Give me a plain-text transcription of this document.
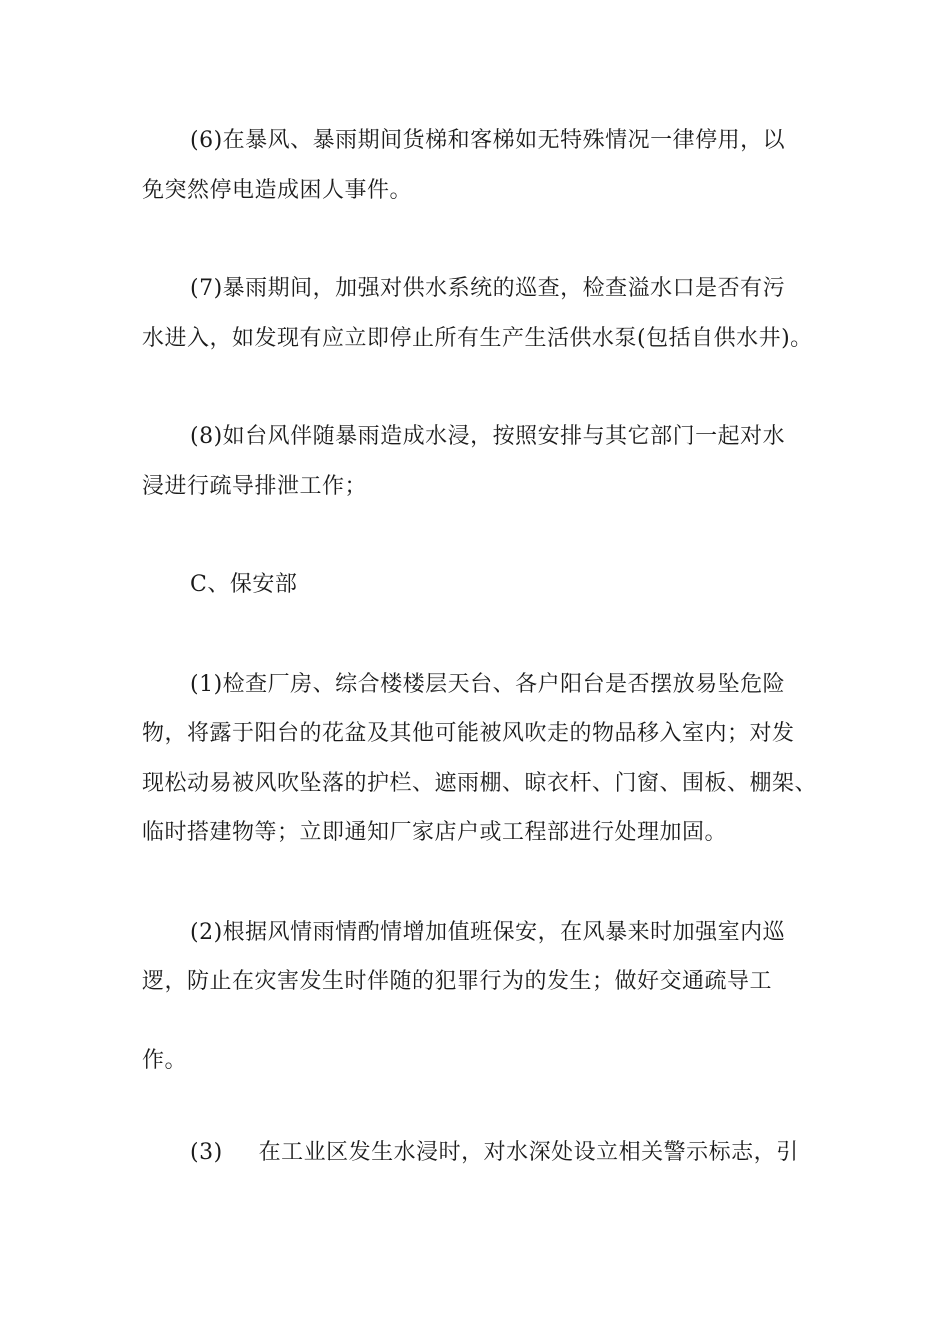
(6)在暴风、暴雨期间货梯和客梯如无特殊情况一律停用，以
免突然停电造成困人事件。
(7)暴雨期间，加强对供水系统的巡查，检查溢水口是否有污
水进入，如发现有应立即停止所有生产生活供水泵(包括自供水井)。
(8)如台风伴随暴雨造成水浸，按照安排与其它部门一起对水
浸进行疏导排泄工作；
C、保安部
(1)检查厂房、综合楼楼层天台、各户阳台是否摆放易坠危险
物，将露于阳台的花盆及其他可能被风吹走的物品移入室内；对发
现松动易被风吹坠落的护栏、遮雨棚、晾衣杆、门窗、围板、棚架、
临时搭建物等；立即通知厂家店户或工程部进行处理加固。
(2)根据风情雨情酌情增加值班保安，在风暴来时加强室内巡
逻，防止在灾害发生时伴随的犯罪行为的发生；做好交通疏导工
作。
(3) 在工业区发生水浸时，对水深处设立相关警示标志，引
